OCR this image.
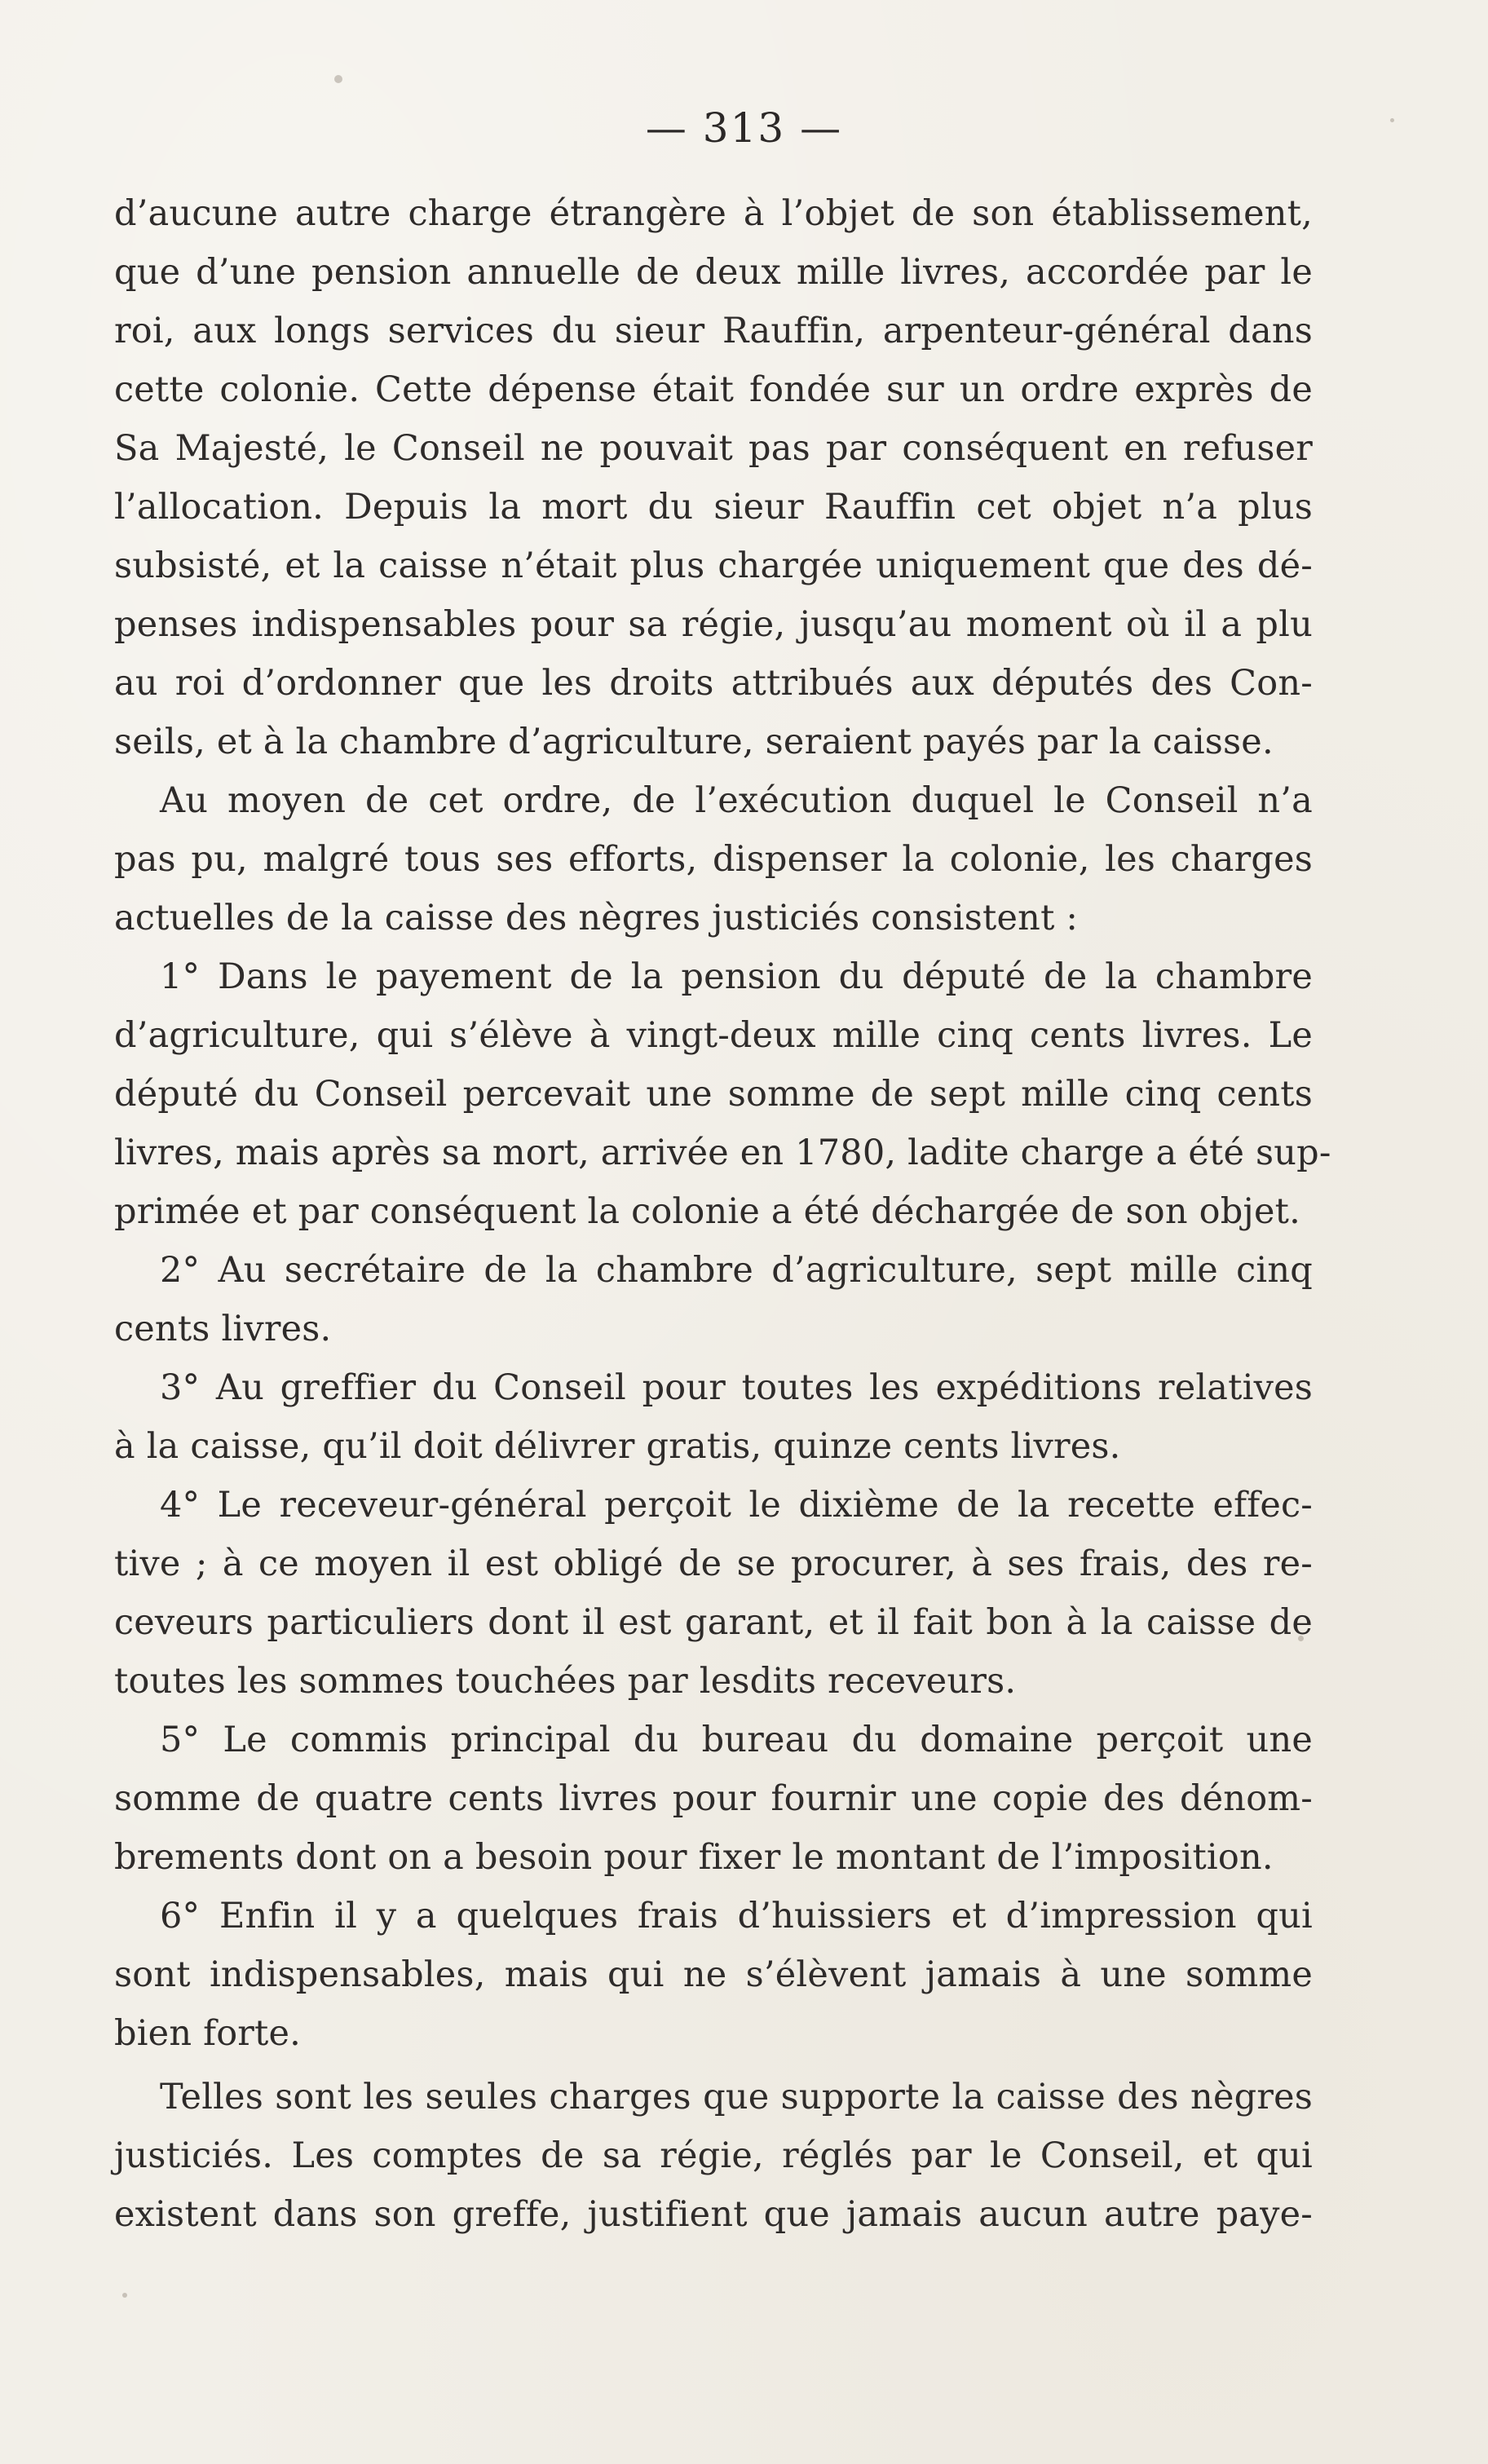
— 313 —
d’aucune autre charge étrangère à l’objet de son établissement,
que d’une pension annuelle de deux mille livres, accordée par le
roi, aux longs services du sieur Rauffin, arpenteur-général dans
cette colonie. Cette dépense était fondée sur un ordre exprès de
Sa Majesté, le Conseil ne pouvait pas par conséquent en refuser
l’allocation. Depuis la mort du sieur Rauffin cet objet n’a plus
subsisté, et la caisse n’était plus chargée uniquement que des dé-
penses indispensables pour sa régie, jusqu’au moment où il a plu
au roi d’ordonner que les droits attribués aux députés des Con-
seils, et à la chambre d’agriculture, seraient payés par la caisse.
Au moyen de cet ordre, de l’exécution duquel le Conseil n’a
pas pu, malgré tous ses efforts, dispenser la colonie, les charges
actuelles de la caisse des nègres justiciés consistent :
1° Dans le payement de la pension du député de la chambre
d’agriculture, qui s’élève à vingt-deux mille cinq cents livres. Le
député du Conseil percevait une somme de sept mille cinq cents
livres, mais après sa mort, arrivée en 1780, ladite charge a été sup-
primée et par conséquent la colonie a été déchargée de son objet.
2° Au secrétaire de la chambre d’agriculture, sept mille cinq
cents livres.
3° Au greffier du Conseil pour toutes les expéditions relatives
à la caisse, qu’il doit délivrer gratis, quinze cents livres.
4° Le receveur-général perçoit le dixième de la recette effec-
tive ; à ce moyen il est obligé de se procurer, à ses frais, des re-
ceveurs particuliers dont il est garant, et il fait bon à la caisse de
toutes les sommes touchées par lesdits receveurs.
5° Le commis principal du bureau du domaine perçoit une
somme de quatre cents livres pour fournir une copie des dénom-
brements dont on a besoin pour fixer le montant de l’imposition.
6° Enfin il y a quelques frais d’huissiers et d’impression qui
sont indispensables, mais qui ne s’élèvent jamais à une somme
bien forte.
Telles sont les seules charges que supporte la caisse des nègres
justiciés. Les comptes de sa régie, réglés par le Conseil, et qui
existent dans son greffe, justifient que jamais aucun autre paye-
